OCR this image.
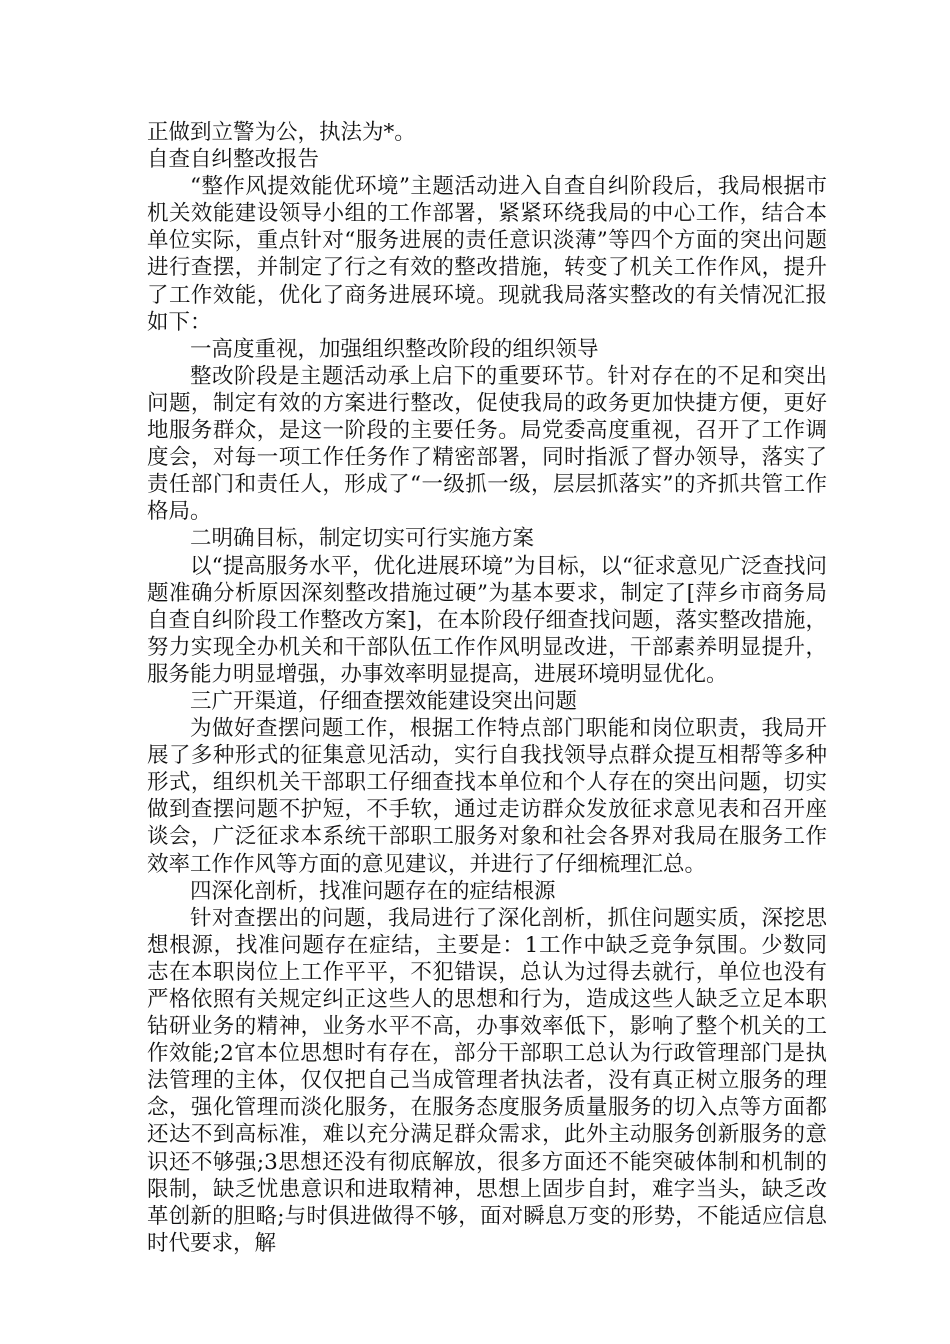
正做到立警为公，执法为*。

自查自纠整改报告

“整作风提效能优环境”主题活动进入自查自纠阶段后，我局根据市机关效能建设领导小组的工作部署，紧紧环绕我局的中心工作，结合本单位实际，重点针对“服务进展的责任意识淡薄”等四个方面的突出问题进行查摆，并制定了行之有效的整改措施，转变了机关工作作风，提升了工作效能，优化了商务进展环境。现就我局落实整改的有关情况汇报如下：

一高度重视，加强组织整改阶段的组织领导

整改阶段是主题活动承上启下的重要环节。针对存在的不足和突出问题，制定有效的方案进行整改，促使我局的政务更加快捷方便，更好地服务群众，是这一阶段的主要任务。局党委高度重视，召开了工作调度会，对每一项工作任务作了精密部署，同时指派了督办领导，落实了责任部门和责任人，形成了“一级抓一级，层层抓落实”的齐抓共管工作格局。

二明确目标，制定切实可行实施方案

以“提高服务水平，优化进展环境”为目标，以“征求意见广泛查找问题准确分析原因深刻整改措施过硬”为基本要求，制定了[萍乡市商务局自查自纠阶段工作整改方案]，在本阶段仔细查找问题，落实整改措施，努力实现全办机关和干部队伍工作作风明显改进，干部素养明显提升，服务能力明显增强，办事效率明显提高，进展环境明显优化。

三广开渠道，仔细查摆效能建设突出问题

为做好查摆问题工作，根据工作特点部门职能和岗位职责，我局开展了多种形式的征集意见活动，实行自我找领导点群众提互相帮等多种形式，组织机关干部职工仔细查找本单位和个人存在的突出问题，切实做到查摆问题不护短，不手软，通过走访群众发放征求意见表和召开座谈会，广泛征求本系统干部职工服务对象和社会各界对我局在服务工作效率工作作风等方面的意见建议，并进行了仔细梳理汇总。

四深化剖析，找准问题存在的症结根源

针对查摆出的问题，我局进行了深化剖析，抓住问题实质，深挖思想根源，找准问题存在症结，主要是：1工作中缺乏竞争氛围。少数同志在本职岗位上工作平平，不犯错误，总认为过得去就行，单位也没有严格依照有关规定纠正这些人的思想和行为，造成这些人缺乏立足本职钻研业务的精神，业务水平不高，办事效率低下，影响了整个机关的工作效能;2官本位思想时有存在，部分干部职工总认为行政管理部门是执法管理的主体，仅仅把自己当成管理者执法者，没有真正树立服务的理念，强化管理而淡化服务，在服务态度服务质量服务的切入点等方面都还达不到高标准，难以充分满足群众需求，此外主动服务创新服务的意识还不够强;3思想还没有彻底解放，很多方面还不能突破体制和机制的限制，缺乏忧患意识和进取精神，思想上固步自封，难字当头，缺乏改革创新的胆略;与时俱进做得不够，面对瞬息万变的形势，不能适应信息时代要求，解
